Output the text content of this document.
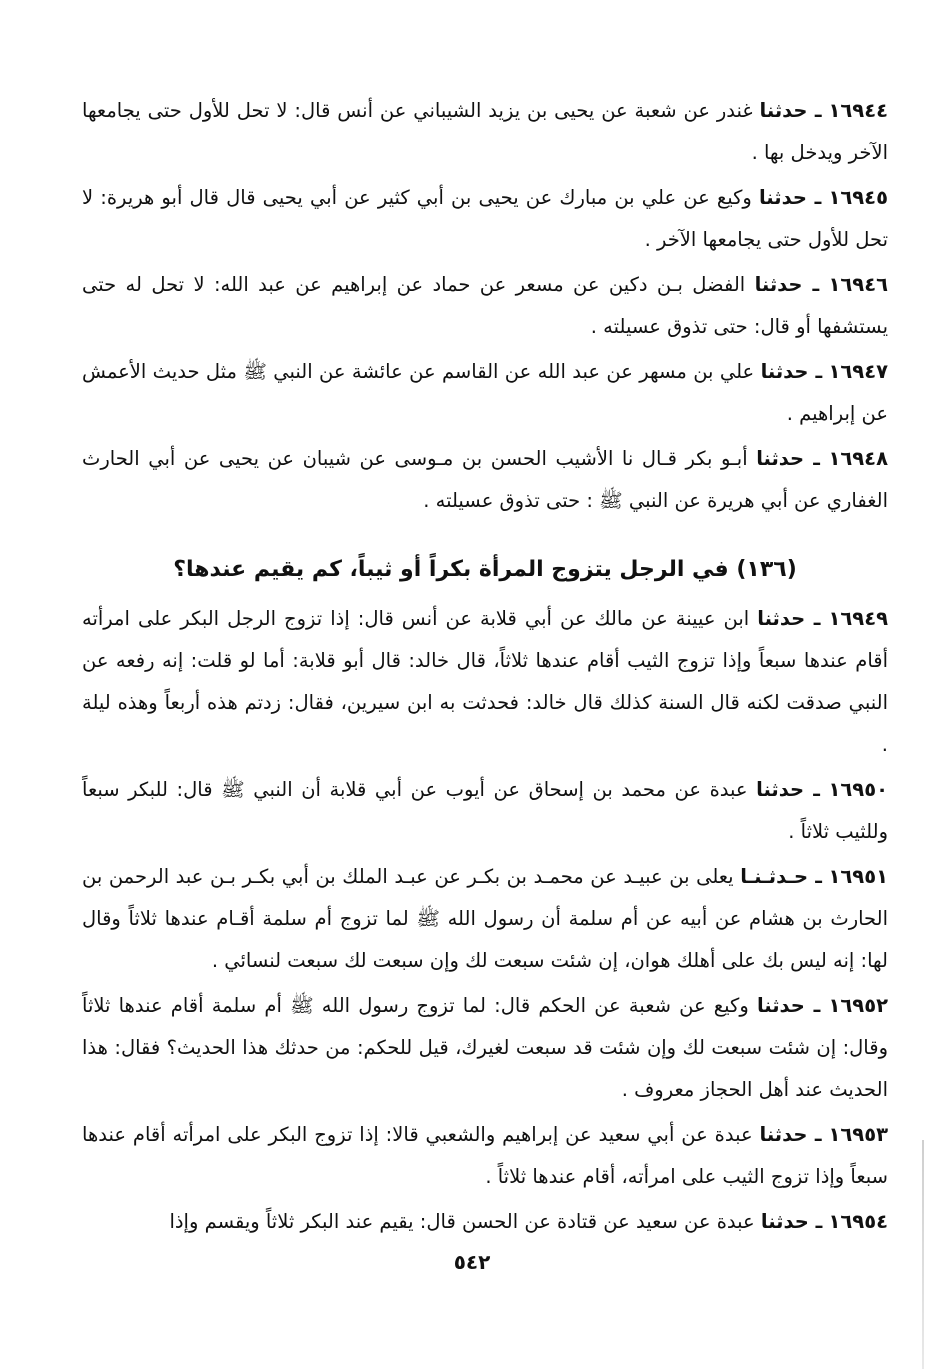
١٦٩٤٤ ـ حدثنا غندر عن شعبة عن يحيى بن يزيد الشيباني عن أنس قال: لا تحل للأول حتى يجامعها الآخر ويدخل بها .

١٦٩٤٥ ـ حدثنا وكيع عن علي بن مبارك عن يحيى بن أبي كثير عن أبي يحيى قال قال أبو هريرة: لا تحل للأول حتى يجامعها الآخر .

١٦٩٤٦ ـ حدثنا الفضل بـن دكين عن مسعر عن حماد عن إبراهيم عن عبد الله: لا تحل له حتى يستشفها أو قال: حتى تذوق عسيلته .

١٦٩٤٧ ـ حدثنا علي بن مسهر عن عبد الله عن القاسم عن عائشة عن النبي ﷺ مثل حديث الأعمش عن إبراهيم .

١٦٩٤٨ ـ حدثنا أبـو بكر قـال نا الأشيب الحسن بن مـوسى عن شيبان عن يحيى عن أبي الحارث الغفاري عن أبي هريرة عن النبي ﷺ : حتى تذوق عسيلته .

(١٣٦) في الرجل يتزوج المرأة بكراً أو ثيباً، كم يقيم عندها؟

١٦٩٤٩ ـ حدثنا ابن عيينة عن مالك عن أبي قلابة عن أنس قال: إذا تزوج الرجل البكر على امرأته أقام عندها سبعاً وإذا تزوج الثيب أقام عندها ثلاثاً، قال خالد: قال أبو قلابة: أما لو قلت: إنه رفعه عن النبي صدقت لكنه قال السنة كذلك قال خالد: فحدثت به ابن سيرين، فقال: زدتم هذه أربعاً وهذه ليلة .

١٦٩٥٠ ـ حدثنا عبدة عن محمد بن إسحاق عن أيوب عن أبي قلابة أن النبي ﷺ قال: للبكر سبعاً وللثيب ثلاثاً .

١٦٩٥١ ـ حـدثـنـا يعلى بن عبيـد عن محمـد بن بكـر عن عبـد الملك بن أبي بكـر بـن عبد الرحمن بن الحارث بن هشام عن أبيه عن أم سلمة أن رسول الله ﷺ لما تزوج أم سلمة أقـام عندها ثلاثاً وقال لها: إنه ليس بك على أهلك هوان، إن شئت سبعت لك وإن سبعت لك سبعت لنسائي .

١٦٩٥٢ ـ حدثنا وكيع عن شعبة عن الحكم قال: لما تزوج رسول الله ﷺ أم سلمة أقام عندها ثلاثاً وقال: إن شئت سبعت لك وإن شئت قد سبعت لغيرك، قيل للحكم: من حدثك هذا الحديث؟ فقال: هذا الحديث عند أهل الحجاز معروف .

١٦٩٥٣ ـ حدثنا عبدة عن أبي سعيد عن إبراهيم والشعبي قالا: إذا تزوج البكر على امرأته أقام عندها سبعاً وإذا تزوج الثيب على امرأته، أقام عندها ثلاثاً .

١٦٩٥٤ ـ حدثنا عبدة عن سعيد عن قتادة عن الحسن قال: يقيم عند البكر ثلاثاً ويقسم وإذا

٥٤٢
